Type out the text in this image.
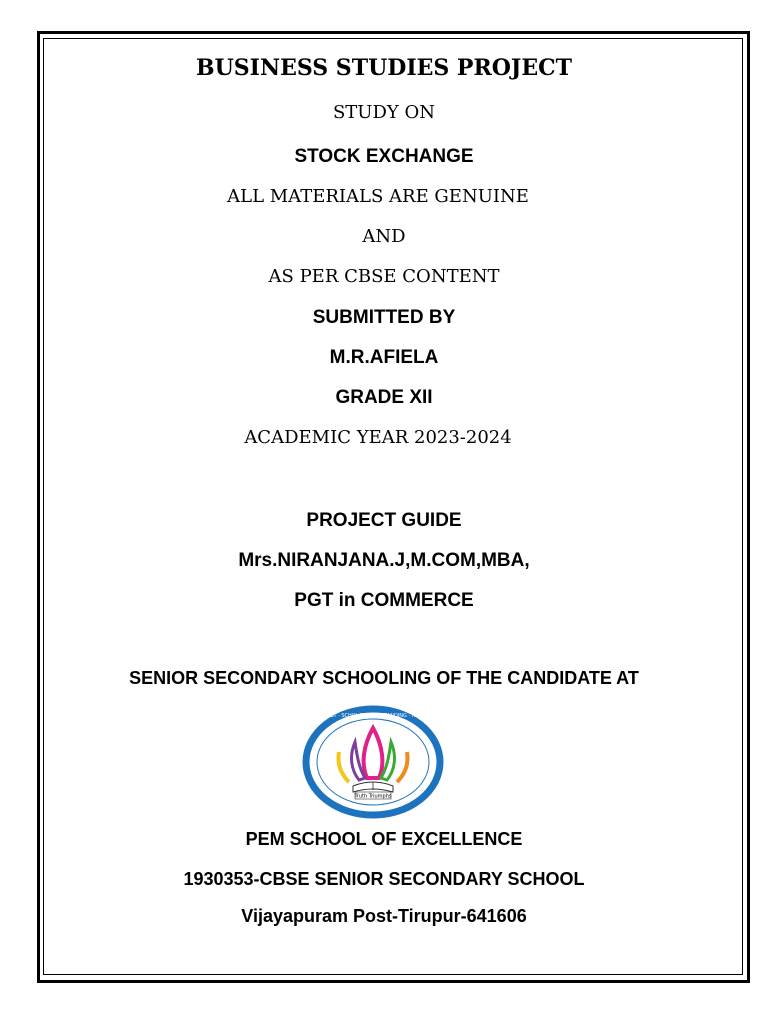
BUSINESS STUDIES PROJECT
STUDY ON
STOCK EXCHANGE
ALL MATERIALS ARE GENUINE
AND
AS PER CBSE CONTENT
SUBMITTED BY
M.R.AFIELA
GRADE XII
ACADEMIC YEAR 2023-2024
PROJECT GUIDE
Mrs.NIRANJANA.J,M.COM,MBA,
PGT in COMMERCE
SENIOR SECONDARY SCHOOLING OF THE CANDIDATE AT
EFFICIENT · MODEST · SCHOLAR · OUTSTANDING · HEALTHY · PERFECT
Truth Triumphs
PEM SCHOOL OF EXCELLENCE
1930353-CBSE SENIOR SECONDARY SCHOOL
Vijayapuram Post-Tirupur-641606
